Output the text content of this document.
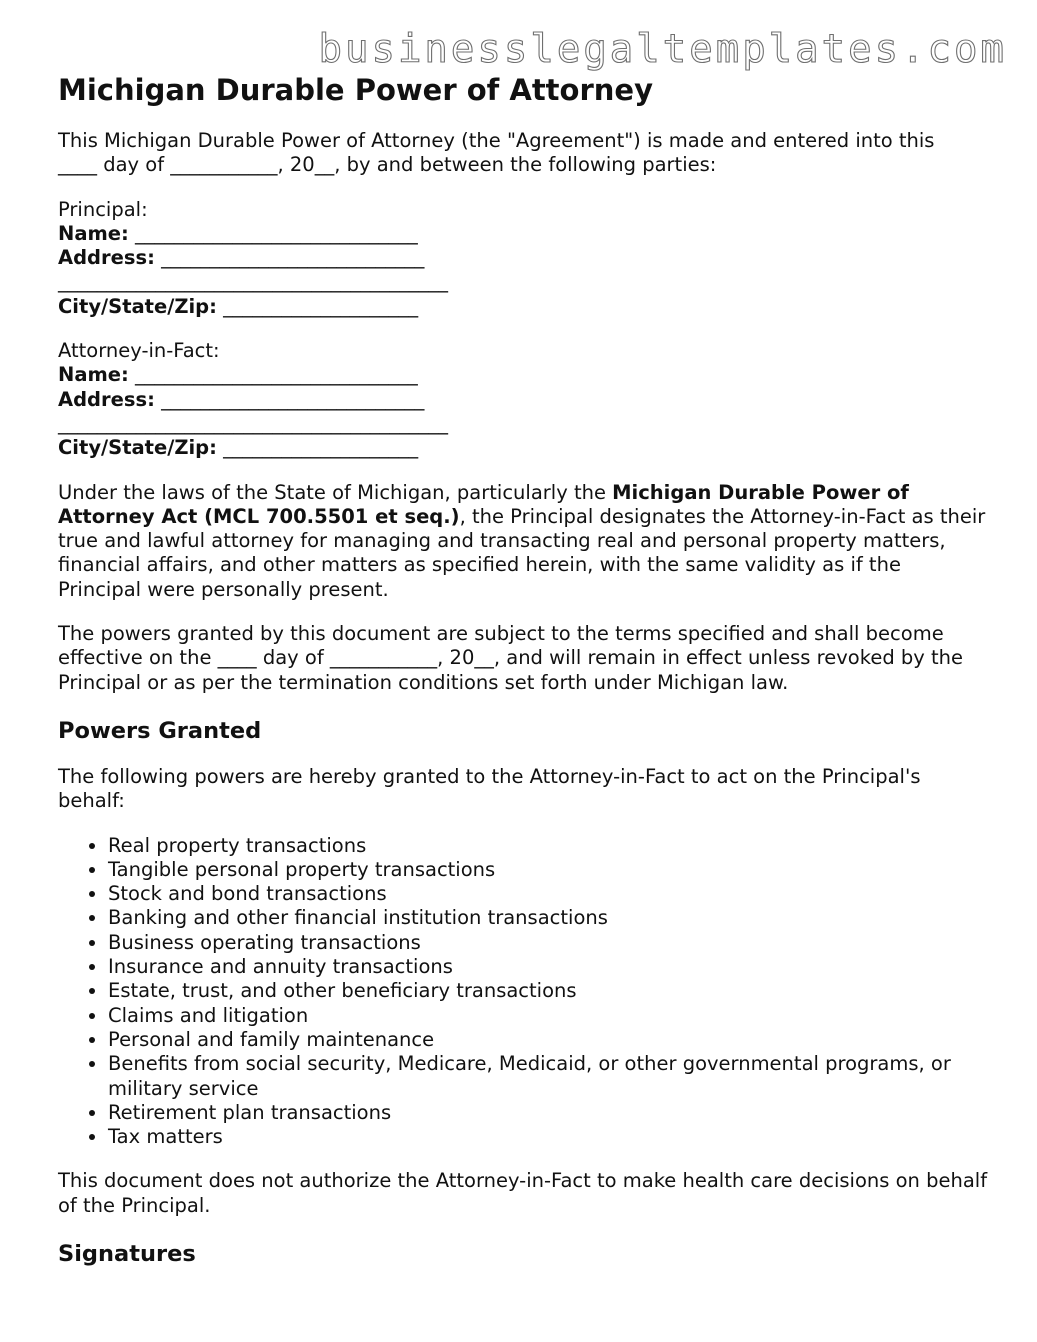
businesslegaltemplates.com
Michigan Durable Power of Attorney

This Michigan Durable Power of Attorney (the "Agreement") is made and entered into this
____ day of ___________, 20__, by and between the following parties:

Principal:
Name: _____________________________
Address: ___________________________
________________________________________
City/State/Zip: ____________________
Attorney-in-Fact:
Name: _____________________________
Address: ___________________________
________________________________________
City/State/Zip: ____________________

Under the laws of the State of Michigan, particularly the Michigan Durable Power of Attorney Act (MCL 700.5501 et seq.), the Principal designates the Attorney-in-Fact as their true and lawful attorney for managing and transacting real and personal property matters, financial affairs, and other matters as specified herein, with the same validity as if the Principal were personally present.

The powers granted by this document are subject to the terms specified and shall become effective on the ____ day of ___________, 20__, and will remain in effect unless revoked by the Principal or as per the termination conditions set forth under Michigan law.

Powers Granted

The following powers are hereby granted to the Attorney-in-Fact to act on the Principal's behalf:

• Real property transactions
• Tangible personal property transactions
• Stock and bond transactions
• Banking and other financial institution transactions
• Business operating transactions
• Insurance and annuity transactions
• Estate, trust, and other beneficiary transactions
• Claims and litigation
• Personal and family maintenance
• Benefits from social security, Medicare, Medicaid, or other governmental programs, or military service
• Retirement plan transactions
• Tax matters

This document does not authorize the Attorney-in-Fact to make health care decisions on behalf of the Principal.

Signatures
